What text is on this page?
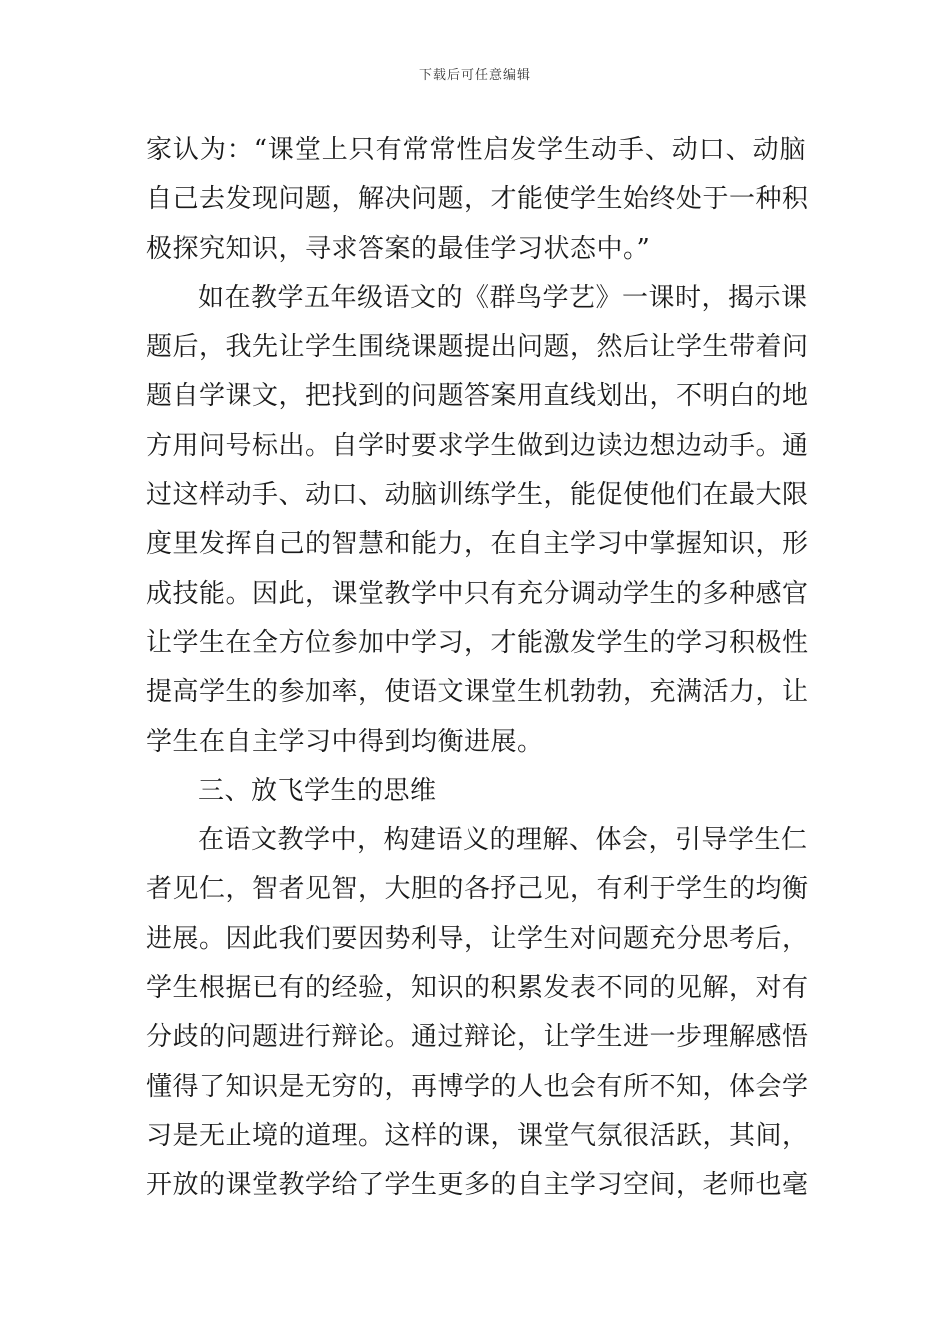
下载后可任意编辑
家认为：“课堂上只有常常性启发学生动手、动口、动脑
自己去发现问题，解决问题，才能使学生始终处于一种积
极探究知识，寻求答案的最佳学习状态中。”
如在教学五年级语文的《群鸟学艺》一课时，揭示课
题后，我先让学生围绕课题提出问题，然后让学生带着问
题自学课文，把找到的问题答案用直线划出，不明白的地
方用问号标出。自学时要求学生做到边读边想边动手。通
过这样动手、动口、动脑训练学生，能促使他们在最大限
度里发挥自己的智慧和能力，在自主学习中掌握知识，形
成技能。因此，课堂教学中只有充分调动学生的多种感官
让学生在全方位参加中学习，才能激发学生的学习积极性
提高学生的参加率，使语文课堂生机勃勃，充满活力，让
学生在自主学习中得到均衡进展。
三、放飞学生的思维
在语文教学中，构建语义的理解、体会，引导学生仁
者见仁，智者见智，大胆的各抒己见，有利于学生的均衡
进展。因此我们要因势利导，让学生对问题充分思考后，
学生根据已有的经验，知识的积累发表不同的见解，对有
分歧的问题进行辩论。通过辩论，让学生进一步理解感悟
懂得了知识是无穷的，再博学的人也会有所不知，体会学
习是无止境的道理。这样的课，课堂气氛很活跃，其间，
开放的课堂教学给了学生更多的自主学习空间，老师也毫
